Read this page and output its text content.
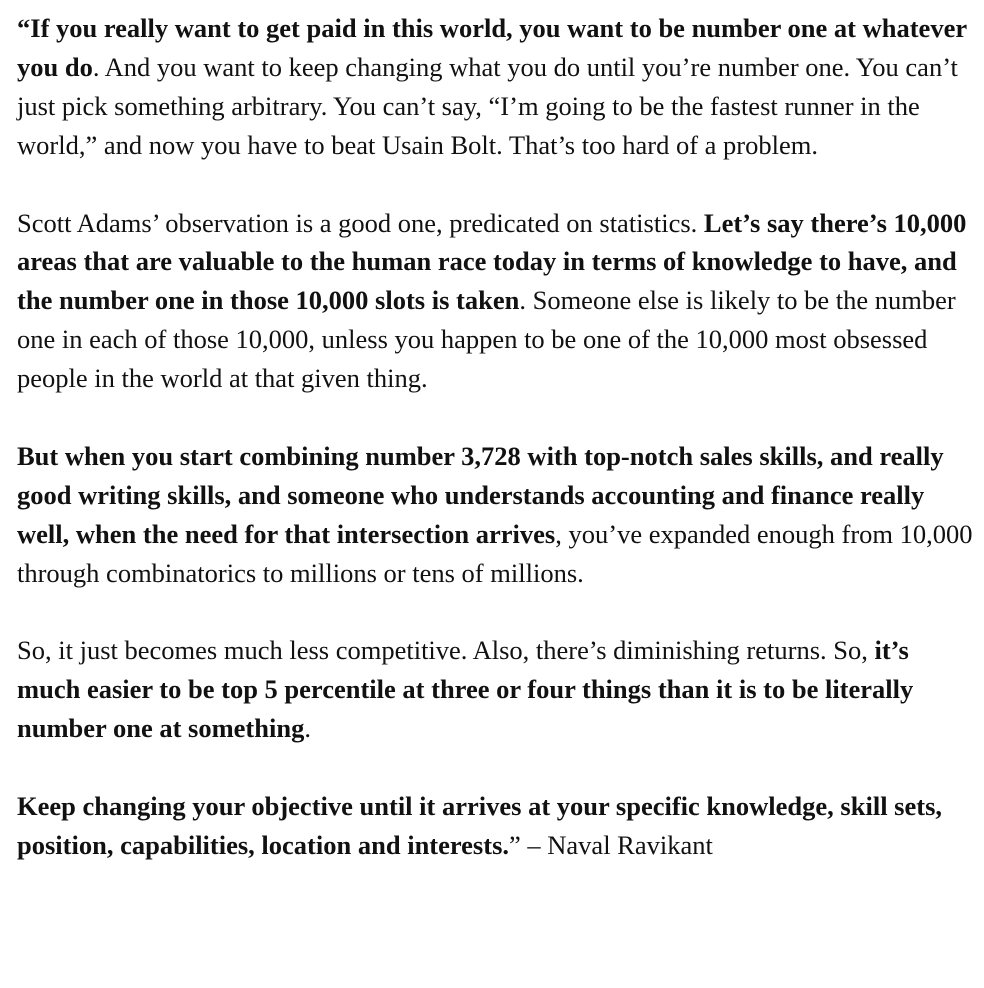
“If you really want to get paid in this world, you want to be number one at whatever you do. And you want to keep changing what you do until you’re number one. You can’t just pick something arbitrary. You can’t say, “I’m going to be the fastest runner in the world,” and now you have to beat Usain Bolt. That’s too hard of a problem.

Scott Adams’ observation is a good one, predicated on statistics. Let’s say there’s 10,000 areas that are valuable to the human race today in terms of knowledge to have, and the number one in those 10,000 slots is taken. Someone else is likely to be the number one in each of those 10,000, unless you happen to be one of the 10,000 most obsessed people in the world at that given thing.

But when you start combining number 3,728 with top-notch sales skills, and really good writing skills, and someone who understands accounting and finance really well, when the need for that intersection arrives, you’ve expanded enough from 10,000 through combinatorics to millions or tens of millions.

So, it just becomes much less competitive. Also, there’s diminishing returns. So, it’s much easier to be top 5 percentile at three or four things than it is to be literally number one at something.

Keep changing your objective until it arrives at your specific knowledge, skill sets, position, capabilities, location and interests.” – Naval Ravikant
